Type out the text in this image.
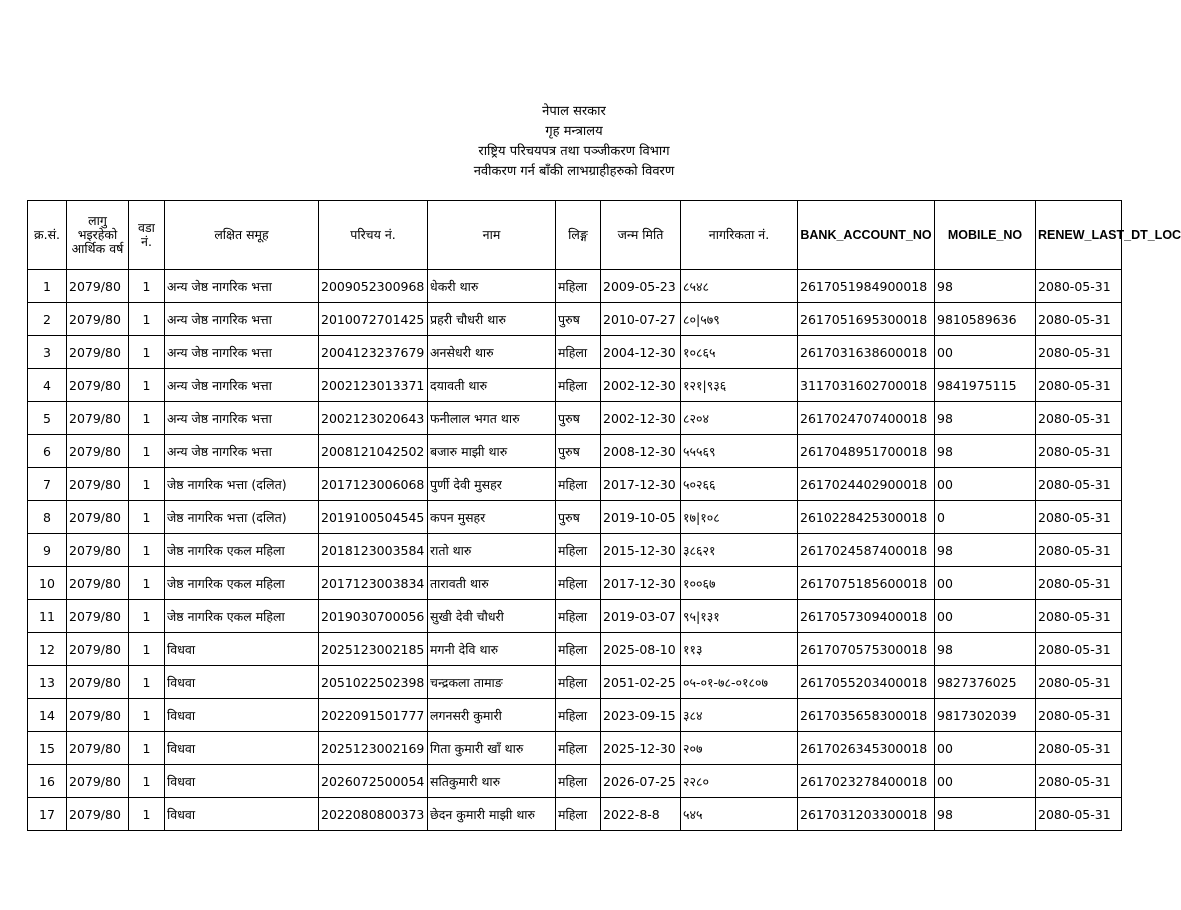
नेपाल सरकार
गृह मन्त्रालय
राष्ट्रिय परिचयपत्र तथा पञ्जीकरण विभाग
नवीकरण गर्न बाँकी लाभग्राहीहरुको विवरण
क्र.सं.	लागु भइरहेको आर्थिक वर्ष	वडा नं.	लक्षित समूह	परिचय नं.	नाम	लिङ्ग	जन्म मिति	नागरिकता नं.	BANK_ACCOUNT_NO	MOBILE_NO	RENEW_LAST_DT_LOC
1	2079/80	1	अन्य जेष्ठ नागरिक भत्ता	2009052300968	धेकरी थारु	महिला	2009-05-23	८५४८	2617051984900018	98	2080-05-31
2	2079/80	1	अन्य जेष्ठ नागरिक भत्ता	2010072701425	प्रहरी चौधरी थारु	पुरुष	2010-07-27	८०|५७९	2617051695300018	9810589636	2080-05-31
3	2079/80	1	अन्य जेष्ठ नागरिक भत्ता	2004123237679	अनसेधरी थारु	महिला	2004-12-30	१०८६५	2617031638600018	00	2080-05-31
4	2079/80	1	अन्य जेष्ठ नागरिक भत्ता	2002123013371	दयावती थारु	महिला	2002-12-30	१२१|९३६	3117031602700018	9841975115	2080-05-31
5	2079/80	1	अन्य जेष्ठ नागरिक भत्ता	2002123020643	फनीलाल भगत थारु	पुरुष	2002-12-30	८२०४	2617024707400018	98	2080-05-31
6	2079/80	1	अन्य जेष्ठ नागरिक भत्ता	2008121042502	बजारु माझी थारु	पुरुष	2008-12-30	५५५६९	2617048951700018	98	2080-05-31
7	2079/80	1	जेष्ठ नागरिक भत्ता (दलित)	2017123006068	पुर्णी देवी मुसहर	महिला	2017-12-30	५०२६६	2617024402900018	00	2080-05-31
8	2079/80	1	जेष्ठ नागरिक भत्ता (दलित)	2019100504545	कपन मुसहर	पुरुष	2019-10-05	१७|१०८	2610228425300018	0	2080-05-31
9	2079/80	1	जेष्ठ नागरिक एकल महिला	2018123003584	रातो थारु	महिला	2015-12-30	३८६२१	2617024587400018	98	2080-05-31
10	2079/80	1	जेष्ठ नागरिक एकल महिला	2017123003834	तारावती थारु	महिला	2017-12-30	१००६७	2617075185600018	00	2080-05-31
11	2079/80	1	जेष्ठ नागरिक एकल महिला	2019030700056	सुखी देवी चौधरी	महिला	2019-03-07	९५|१३१	2617057309400018	00	2080-05-31
12	2079/80	1	विधवा	2025123002185	मगनी देवि थारु	महिला	2025-08-10	११३	2617070575300018	98	2080-05-31
13	2079/80	1	विधवा	2051022502398	चन्द्रकला तामाङ	महिला	2051-02-25	०५-०१-७८-०१८०७	2617055203400018	9827376025	2080-05-31
14	2079/80	1	विधवा	2022091501777	लगनसरी कुमारी	महिला	2023-09-15	३८४	2617035658300018	9817302039	2080-05-31
15	2079/80	1	विधवा	2025123002169	गिता कुमारी खाँ थारु	महिला	2025-12-30	२०७	2617026345300018	00	2080-05-31
16	2079/80	1	विधवा	2026072500054	सतिकुमारी थारु	महिला	2026-07-25	२२८०	2617023278400018	00	2080-05-31
17	2079/80	1	विधवा	2022080800373	छेदन कुमारी माझी थारु	महिला	2022-8-8	५४५	2617031203300018	98	2080-05-31
